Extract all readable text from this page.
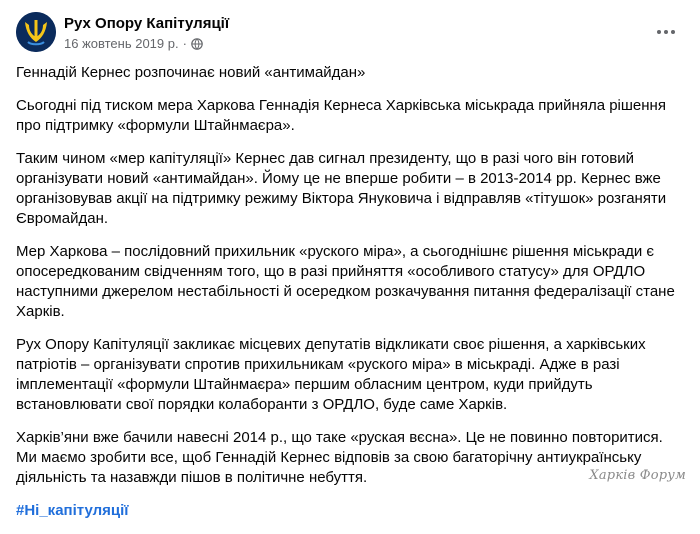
Рух Опору Капітуляції
16 жовтень 2019 р. ·

Геннадій Кернес розпочинає новий «антимайдан»

Сьогодні під тиском мера Харкова Геннадія Кернеса Харківська міськрада прийняла рішення про підтримку «формули Штайнмаєра».

Таким чином «мер капітуляції» Кернес дав сигнал президенту, що в разі чого він готовий організувати новий «антимайдан». Йому це не вперше робити – в 2013-2014 рр. Кернес вже організовував акції на підтримку режиму Віктора Януковича і відправляв «тітушок» розганяти Євромайдан.

Мер Харкова – послідовний прихильник «руского міра», а сьогоднішнє рішення міськради є опосередкованим свідченням того, що в разі прийняття «особливого статусу» для ОРДЛО наступними джерелом нестабільності й осередком розкачування питання федералізації стане Харків.

Рух Опору Капітуляції закликає місцевих депутатів відкликати своє рішення, а харківських патріотів – організувати спротив прихильникам «руского міра» в міськраді. Адже в разі імплементації «формули Штайнмаєра» першим обласним центром, куди прийдуть встановлювати свої порядки колаборанти з ОРДЛО, буде саме Харків.

Харків’яни вже бачили навесні 2014 р., що таке «руская вєсна». Це не повинно повторитися. Ми маємо зробити все, щоб Геннадій Кернес відповів за свою багаторічну антиукраїнську діяльність та назавжди пішов в політичне небуття.

#Ні_капітуляції

Харків Форум
